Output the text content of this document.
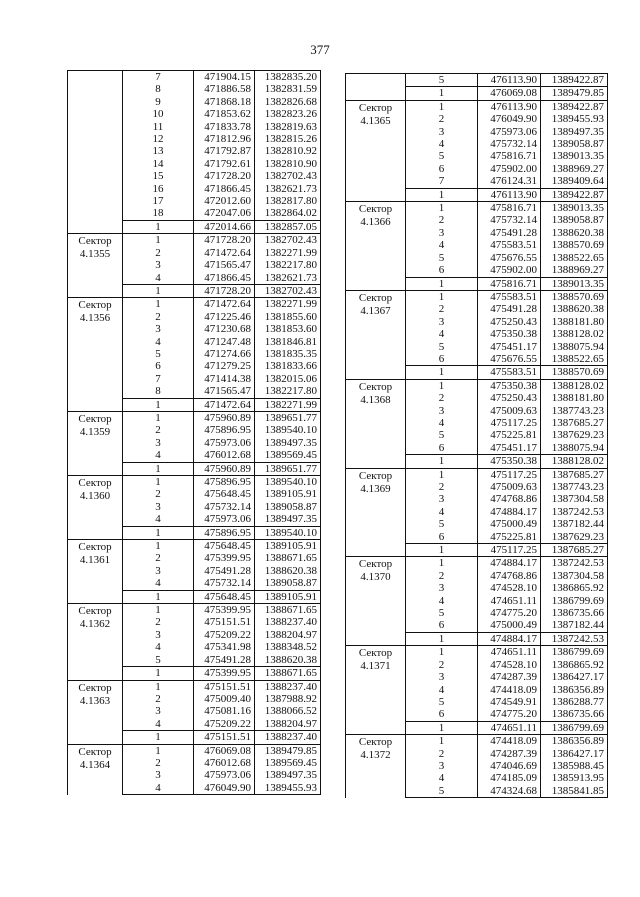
377
	7	471904.15	1382835.20
	8	471886.58	1382831.59
	9	471868.18	1382826.68
	10	471853.62	1382823.26
	11	471833.78	1382819.63
	12	471812.96	1382815.26
	13	471792.87	1382810.92
	14	471792.61	1382810.90
	15	471728.20	1382702.43
	16	471866.45	1382621.73
	17	472012.60	1382817.80
	18	472047.06	1382864.02
	1	472014.66	1382857.05

Сектор 4.1355	1	471728.20	1382702.43
	2	471472.64	1382271.99
	3	471565.47	1382217.80
	4	471866.45	1382621.73
	1	471728.20	1382702.43

Сектор 4.1356	1	471472.64	1382271.99
	2	471225.46	1381855.60
	3	471230.68	1381853.60
	4	471247.48	1381846.81
	5	471274.66	1381835.35
	6	471279.25	1381833.66
	7	471414.38	1382015.06
	8	471565.47	1382217.80
	1	471472.64	1382271.99

Сектор 4.1359	1	475960.89	1389651.77
	2	475896.95	1389540.10
	3	475973.06	1389497.35
	4	476012.68	1389569.45
	1	475960.89	1389651.77

Сектор 4.1360	1	475896.95	1389540.10
	2	475648.45	1389105.91
	3	475732.14	1389058.87
	4	475973.06	1389497.35
	1	475896.95	1389540.10

Сектор 4.1361	1	475648.45	1389105.91
	2	475399.95	1388671.65
	3	475491.28	1388620.38
	4	475732.14	1389058.87
	1	475648.45	1389105.91

Сектор 4.1362	1	475399.95	1388671.65
	2	475151.51	1388237.40
	3	475209.22	1388204.97
	4	475341.98	1388348.52
	5	475491.28	1388620.38
	1	475399.95	1388671.65

Сектор 4.1363	1	475151.51	1388237.40
	2	475009.40	1387988.92
	3	475081.16	1388066.52
	4	475209.22	1388204.97
	1	475151.51	1388237.40

Сектор 4.1364	1	476069.08	1389479.85
	2	476012.68	1389569.45
	3	475973.06	1389497.35
	4	476049.90	1389455.93
	5	476113.90	1389422.87
	1	476069.08	1389479.85

Сектор 4.1365	1	476113.90	1389422.87
	2	476049.90	1389455.93
	3	475973.06	1389497.35
	4	475732.14	1389058.87
	5	475816.71	1389013.35
	6	475902.00	1388969.27
	7	476124.31	1389409.64
	1	476113.90	1389422.87

Сектор 4.1366	1	475816.71	1389013.35
	2	475732.14	1389058.87
	3	475491.28	1388620.38
	4	475583.51	1388570.69
	5	475676.55	1388522.65
	6	475902.00	1388969.27
	1	475816.71	1389013.35

Сектор 4.1367	1	475583.51	1388570.69
	2	475491.28	1388620.38
	3	475250.43	1388181.80
	4	475350.38	1388128.02
	5	475451.17	1388075.94
	6	475676.55	1388522.65
	1	475583.51	1388570.69

Сектор 4.1368	1	475350.38	1388128.02
	2	475250.43	1388181.80
	3	475009.63	1387743.23
	4	475117.25	1387685.27
	5	475225.81	1387629.23
	6	475451.17	1388075.94
	1	475350.38	1388128.02

Сектор 4.1369	1	475117.25	1387685.27
	2	475009.63	1387743.23
	3	474768.86	1387304.58
	4	474884.17	1387242.53
	5	475000.49	1387182.44
	6	475225.81	1387629.23
	1	475117.25	1387685.27

Сектор 4.1370	1	474884.17	1387242.53
	2	474768.86	1387304.58
	3	474528.10	1386865.92
	4	474651.11	1386799.69
	5	474775.20	1386735.66
	6	475000.49	1387182.44
	1	474884.17	1387242.53

Сектор 4.1371	1	474651.11	1386799.69
	2	474528.10	1386865.92
	3	474287.39	1386427.17
	4	474418.09	1386356.89
	5	474549.91	1386288.77
	6	474775.20	1386735.66
	1	474651.11	1386799.69

Сектор 4.1372	1	474418.09	1386356.89
	2	474287.39	1386427.17
	3	474046.69	1385988.45
	4	474185.09	1385913.95
	5	474324.68	1385841.85
